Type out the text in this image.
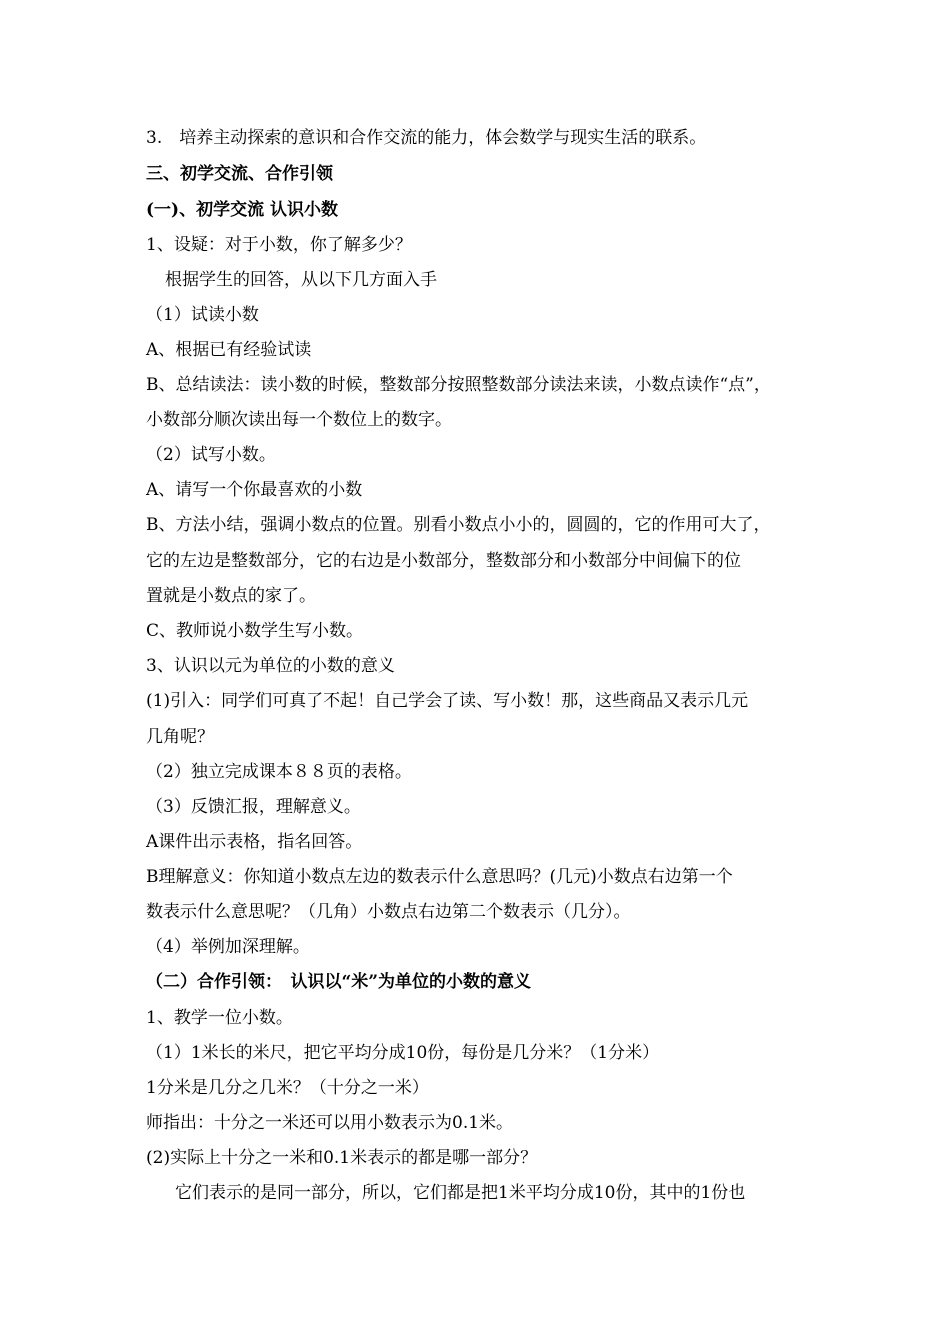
3.　培养主动探索的意识和合作交流的能力，体会数学与现实生活的联系。
三、初学交流、合作引领
(一)、初学交流 认识小数
1、设疑：对于小数，你了解多少？
根据学生的回答，从以下几方面入手
（1）试读小数
A、根据已有经验试读
B、总结读法：读小数的时候，整数部分按照整数部分读法来读，小数点读作“点”，
小数部分顺次读出每一个数位上的数字。
（2）试写小数。
A、请写一个你最喜欢的小数
B、方法小结，强调小数点的位置。别看小数点小小的，圆圆的，它的作用可大了，
它的左边是整数部分，它的右边是小数部分，整数部分和小数部分中间偏下的位
置就是小数点的家了。
C、教师说小数学生写小数。
3、认识以元为单位的小数的意义
(1)引入：同学们可真了不起！自己学会了读、写小数！那，这些商品又表示几元
几角呢？
（2）独立完成课本８８页的表格。
（3）反馈汇报，理解意义。
A课件出示表格，指名回答。
B理解意义：你知道小数点左边的数表示什么意思吗？(几元)小数点右边第一个
数表示什么意思呢？（几角）小数点右边第二个数表示（几分）。
（4）举例加深理解。
（二）合作引领：　认识以“米”为单位的小数的意义
1、教学一位小数。
（1）1米长的米尺，把它平均分成10份，每份是几分米？（1分米）
1分米是几分之几米？（十分之一米）
师指出：十分之一米还可以用小数表示为0.1米。
(2)实际上十分之一米和0.1米表示的都是哪一部分？
它们表示的是同一部分，所以，它们都是把1米平均分成10份，其中的1份也
